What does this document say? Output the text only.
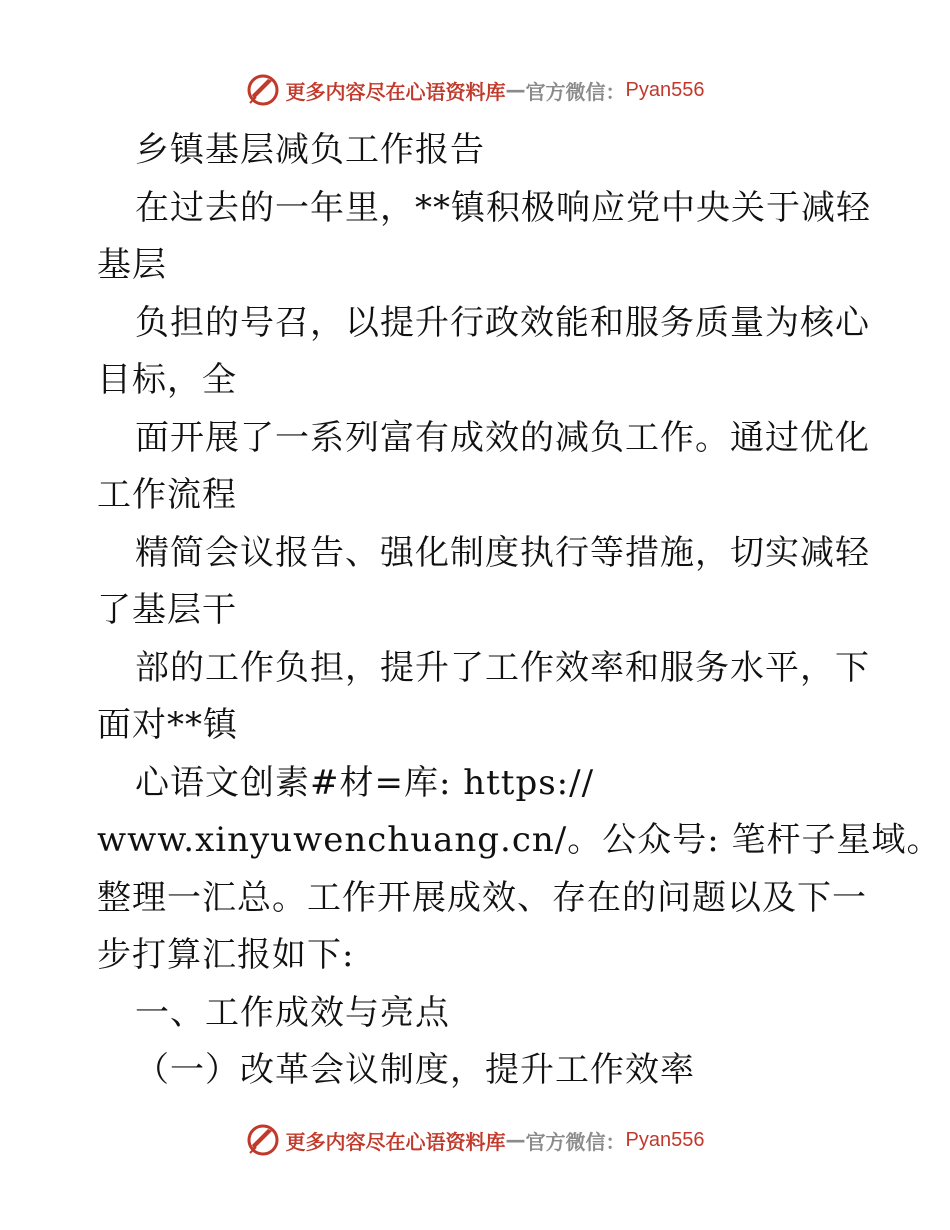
更多内容尽在心语资料库 — 官方微信： Pyan556
乡镇基层减负工作报告
在过去的一年里，**镇积极响应党中央关于减轻
基层
负担的号召，以提升行政效能和服务质量为核心
目标，全
面开展了一系列富有成效的减负工作。通过优化
工作流程
精简会议报告、强化制度执行等措施，切实减轻
了基层干
部的工作负担，提升了工作效率和服务水平，下
面对**镇
心语文创素#材=库: https://
www.xinyuwenchuang.cn/。公众号: 笔杆子星域。
整理一汇总。工作开展成效、存在的问题以及下一
步打算汇报如下:
一、工作成效与亮点
（一）改革会议制度，提升工作效率
更多内容尽在心语资料库 — 官方微信： Pyan556
